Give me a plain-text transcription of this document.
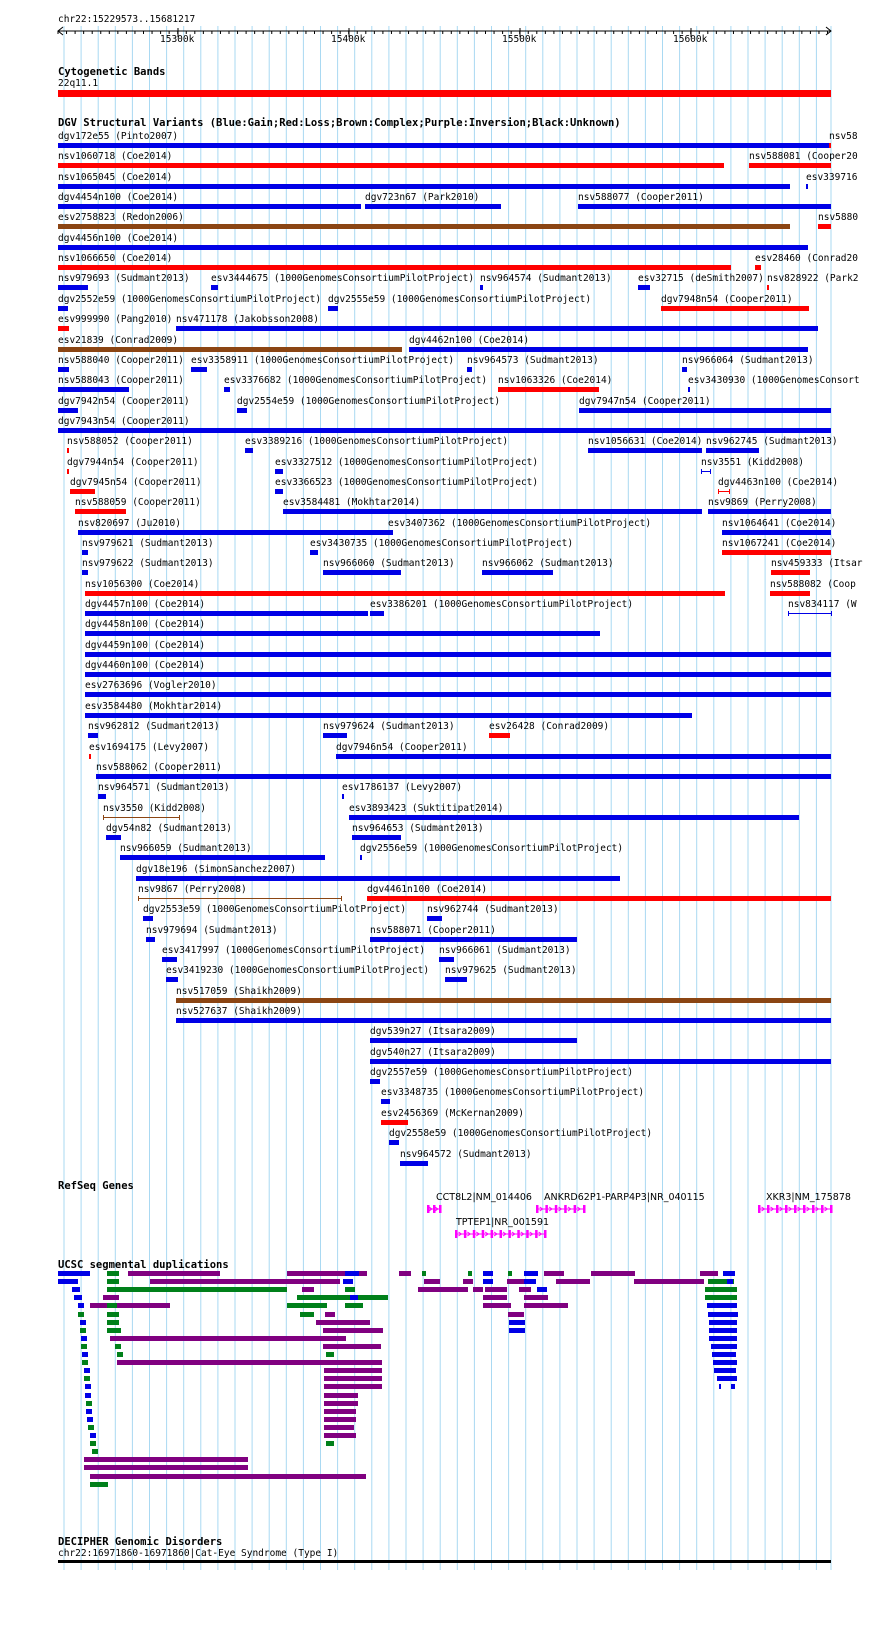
chr22:15229573..15681217
15300k	15400k	15500k	15600k
Cytogenetic Bands
22q11.1
DGV Structural Variants (Blue:Gain;Red:Loss;Brown:Complex;Purple:Inversion;Black:Unknown)
dgv172e55 (Pinto2007)	nsv58
nsv1060718 (Coe2014)	nsv588081 (Cooper20
nsv1065045 (Coe2014)	esv339716
dgv4454n100 (Coe2014)	dgv723n67 (Park2010)	nsv588077 (Cooper2011)
esv2758823 (Redon2006)	nsv5880
dgv4456n100 (Coe2014)
nsv1066650 (Coe2014)	esv28460 (Conrad20
nsv979693 (Sudmant2013) esv3444675 (1000GenomesConsortiumPilotProject) nsv964574 (Sudmant2013)	esv32715 (deSmith2007) nsv828922 (Park2
dgv2552e59 (1000GenomesConsortiumPilotProject) dgv2555e59 (1000GenomesConsortiumPilotProject)	dgv7948n54 (Cooper2011)
esv999990 (Pang2010) nsv471178 (Jakobsson2008)
esv21839 (Conrad2009)	dgv4462n100 (Coe2014)
nsv588040 (Cooper2011) esv3358911 (1000GenomesConsortiumPilotProject) nsv964573 (Sudmant2013)	nsv966064 (Sudmant2013)
nsv588043 (Cooper2011)	esv3376682 (1000GenomesConsortiumPilotProject) nsv1063326 (Coe2014)	esv3430930 (1000GenomesConsort
dgv7942n54 (Cooper2011)	dgv2554e59 (1000GenomesConsortiumPilotProject)	dgv7947n54 (Cooper2011)
dgv7943n54 (Cooper2011)
nsv588052 (Cooper2011)	esv3389216 (1000GenomesConsortiumPilotProject)	nsv1056631 (Coe2014) nsv962745 (Sudmant2013)
dgv7944n54 (Cooper2011)	esv3327512 (1000GenomesConsortiumPilotProject)	nsv3551 (Kidd2008)
dgv7945n54 (Cooper2011)	esv3366523 (1000GenomesConsortiumPilotProject)	dgv4463n100 (Coe2014)
nsv588059 (Cooper2011)	esv3584481 (Mokhtar2014)	nsv9869 (Perry2008)
nsv820697 (Ju2010)	esv3407362 (1000GenomesConsortiumPilotProject)	nsv1064641 (Coe2014)
nsv979621 (Sudmant2013)	esv3430735 (1000GenomesConsortiumPilotProject)	nsv1067241 (Coe2014)
nsv979622 (Sudmant2013)	nsv966060 (Sudmant2013)	nsv966062 (Sudmant2013)	nsv459333 (Itsar
nsv1056300 (Coe2014)	nsv588082 (Coop
dgv4457n100 (Coe2014)	esv3386201 (1000GenomesConsortiumPilotProject)	nsv834117 (W
dgv4458n100 (Coe2014)
dgv4459n100 (Coe2014)
dgv4460n100 (Coe2014)
esv2763696 (Vogler2010)
esv3584480 (Mokhtar2014)
nsv962812 (Sudmant2013)	nsv979624 (Sudmant2013)	esv26428 (Conrad2009)
esv1694175 (Levy2007)	dgv7946n54 (Cooper2011)
nsv588062 (Cooper2011)
nsv964571 (Sudmant2013)	esv1786137 (Levy2007)
nsv3550 (Kidd2008)	esv3893423 (Suktitipat2014)
dgv54n82 (Sudmant2013)	nsv964653 (Sudmant2013)
nsv966059 (Sudmant2013)	dgv2556e59 (1000GenomesConsortiumPilotProject)
dgv18e196 (SimonSanchez2007)
nsv9867 (Perry2008)	dgv4461n100 (Coe2014)
dgv2553e59 (1000GenomesConsortiumPilotProject) nsv962744 (Sudmant2013)
nsv979694 (Sudmant2013)	nsv588071 (Cooper2011)
esv3417997 (1000GenomesConsortiumPilotProject) nsv966061 (Sudmant2013)
esv3419230 (1000GenomesConsortiumPilotProject) nsv979625 (Sudmant2013)
nsv517059 (Shaikh2009)
nsv527637 (Shaikh2009)
dgv539n27 (Itsara2009)
dgv540n27 (Itsara2009)
dgv2557e59 (1000GenomesConsortiumPilotProject)
esv3348735 (1000GenomesConsortiumPilotProject)
esv2456369 (McKernan2009)
dgv2558e59 (1000GenomesConsortiumPilotProject)
nsv964572 (Sudmant2013)
RefSeq Genes
CCT8L2|NM_014406 ANKRD62P1-PARP4P3|NR_040115	XKR3|NM_175878
TPTEP1|NR_001591
UCSC segmental duplications
DECIPHER Genomic Disorders
chr22:16971860-16971860|Cat-Eye Syndrome (Type I)
